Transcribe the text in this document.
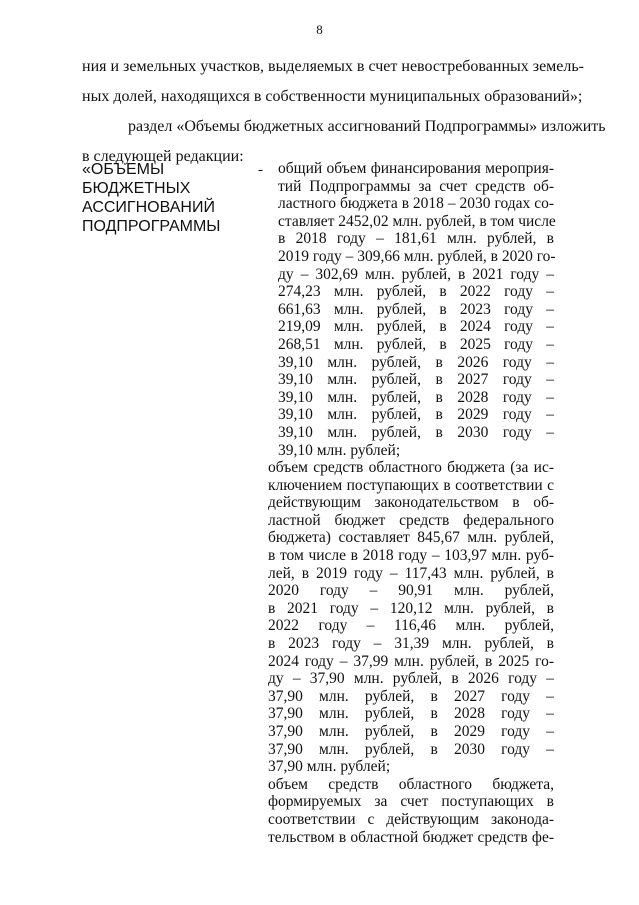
8

ния и земельных участков, выделяемых в счет невостребованных земель-

ных долей, находящихся в собственности муниципальных образований»;

раздел «Объемы бюджетных ассигнований Подпрограммы» изложить

в следующей редакции:

«ОБЪЕМЫ
БЮДЖЕТНЫХ
АССИГНОВАНИЙ
ПОДПРОГРАММЫ
- общий объем финансирования мероприя-
тий Подпрограммы за счет средств об-
ластного бюджета в 2018 – 2030 годах со-
ставляет 2452,02 млн. рублей, в том числе
в 2018 году – 181,61 млн. рублей, в
2019 году – 309,66 млн. рублей, в 2020 го-
ду – 302,69 млн. рублей, в 2021 году –
274,23 млн. рублей, в 2022 году –
661,63 млн. рублей, в 2023 году –
219,09 млн. рублей, в 2024 году –
268,51 млн. рублей, в 2025 году –
39,10 млн. рублей, в 2026 году –
39,10 млн. рублей, в 2027 году –
39,10 млн. рублей, в 2028 году –
39,10 млн. рублей, в 2029 году –
39,10 млн. рублей, в 2030 году –
39,10 млн. рублей;
объем средств областного бюджета (за ис-
ключением поступающих в соответствии с
действующим законодательством в об-
ластной бюджет средств федерального
бюджета) составляет 845,67 млн. рублей,
в том числе в 2018 году – 103,97 млн. руб-
лей, в 2019 году – 117,43 млн. рублей, в
2020 году – 90,91 млн. рублей,
в 2021 году – 120,12 млн. рублей, в
2022 году – 116,46 млн. рублей,
в 2023 году – 31,39 млн. рублей, в
2024 году – 37,99 млн. рублей, в 2025 го-
ду – 37,90 млн. рублей, в 2026 году –
37,90 млн. рублей, в 2027 году –
37,90 млн. рублей, в 2028 году –
37,90 млн. рублей, в 2029 году –
37,90 млн. рублей, в 2030 году –
37,90 млн. рублей;
объем средств областного бюджета,
формируемых за счет поступающих в
соответствии с действующим законода-
тельством в областной бюджет средств фе-
